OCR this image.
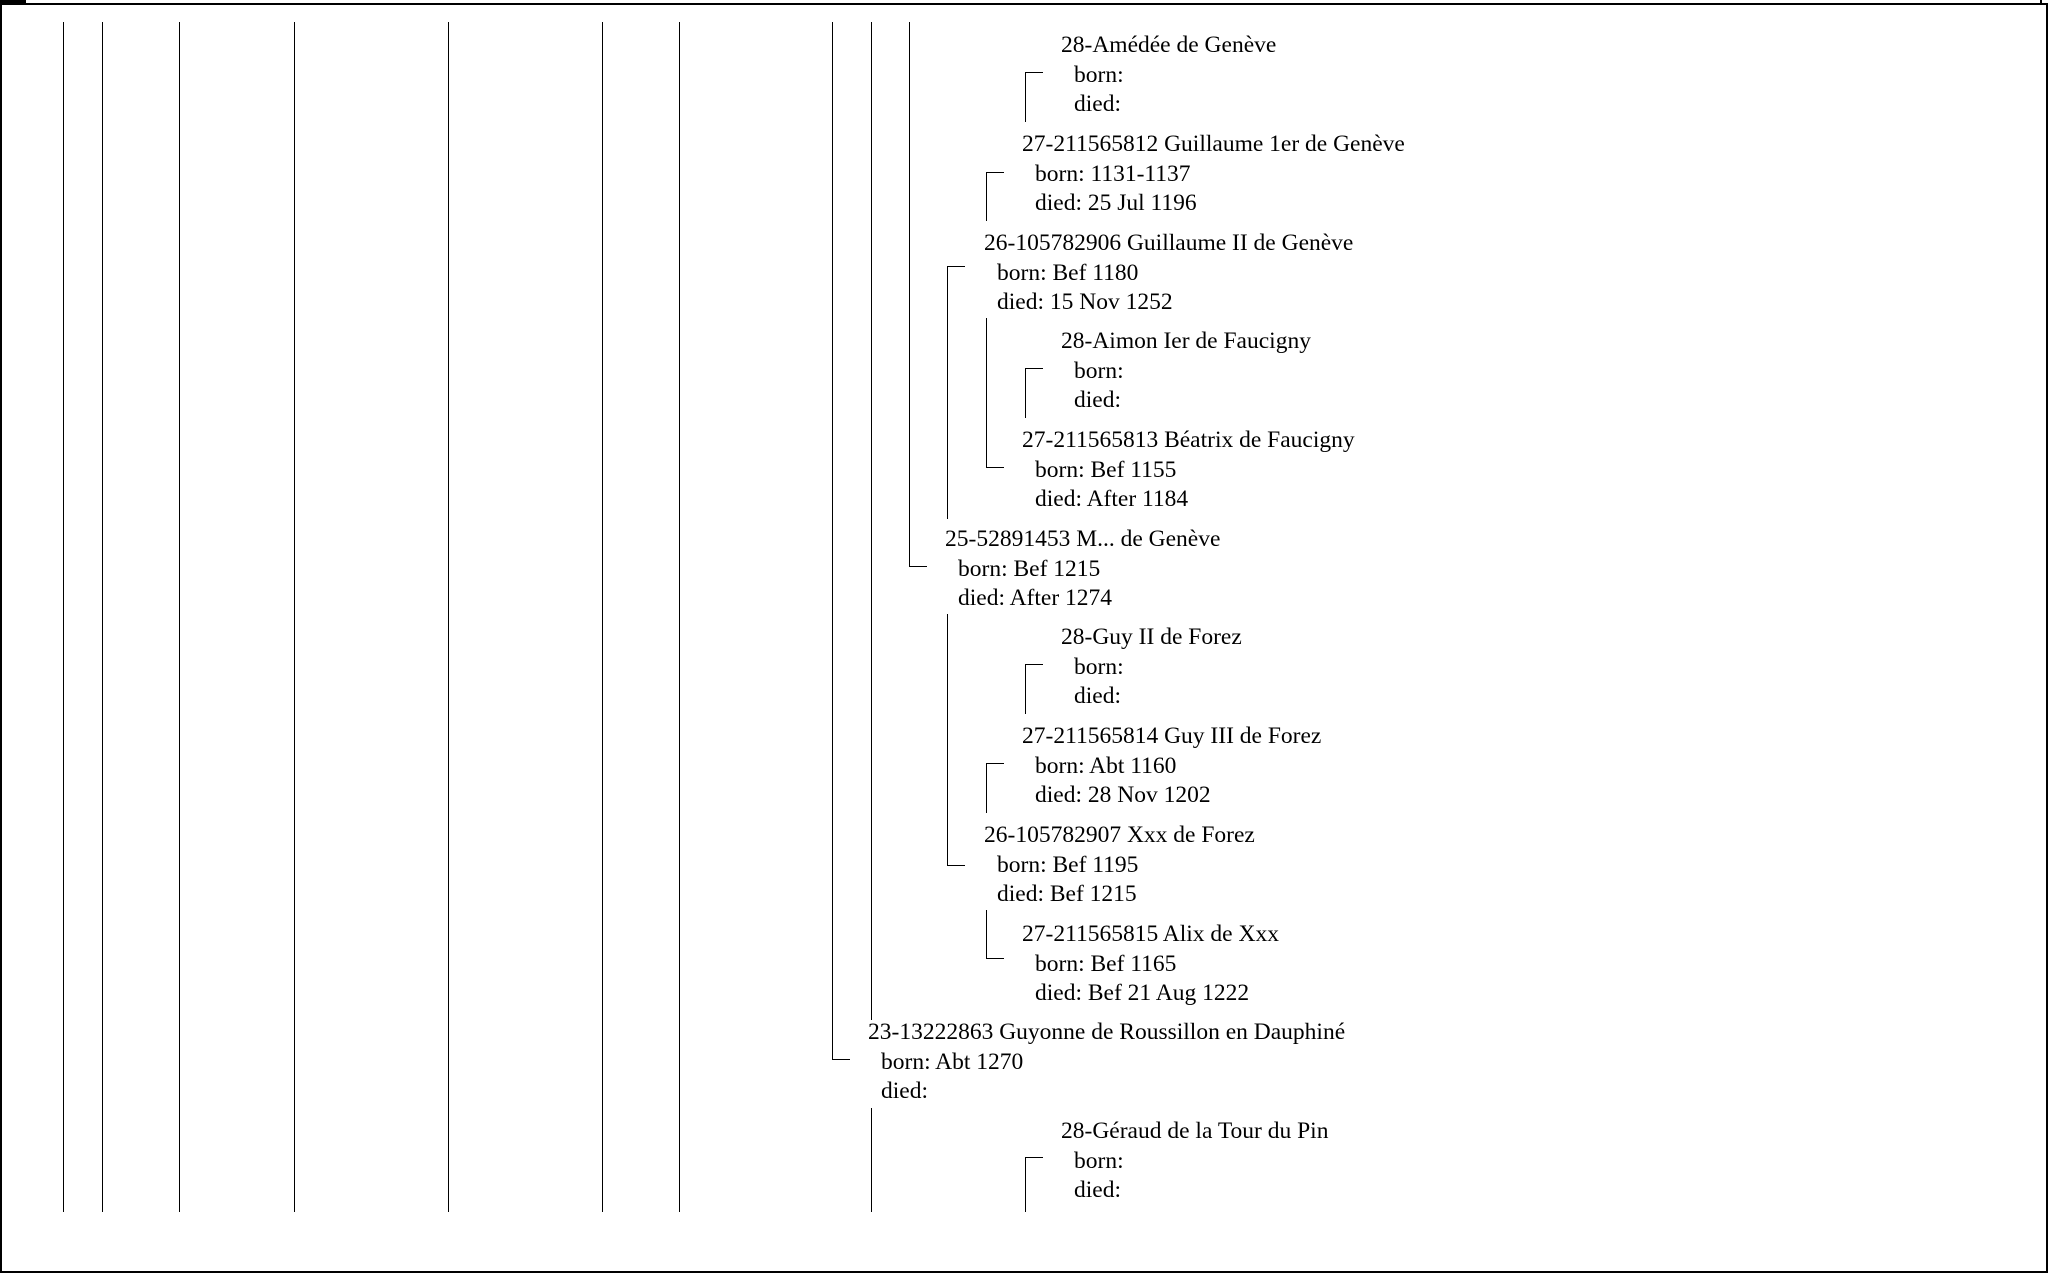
28-Amédée de Genève
born:
died:
27-211565812 Guillaume 1er de Genève
born: 1131-1137
died: 25 Jul 1196
26-105782906 Guillaume II de Genève
born: Bef 1180
died: 15 Nov 1252
28-Aimon Ier de Faucigny
born:
died:
27-211565813 Béatrix de Faucigny
born: Bef 1155
died: After 1184
25-52891453 M... de Genève
born: Bef 1215
died: After 1274
28-Guy II de Forez
born:
died:
27-211565814 Guy III de Forez
born: Abt 1160
died: 28 Nov 1202
26-105782907 Xxx de Forez
born: Bef 1195
died: Bef 1215
27-211565815 Alix de Xxx
born: Bef 1165
died: Bef 21 Aug 1222
23-13222863 Guyonne de Roussillon en Dauphiné
born: Abt 1270
died:
28-Géraud de la Tour du Pin
born:
died:
